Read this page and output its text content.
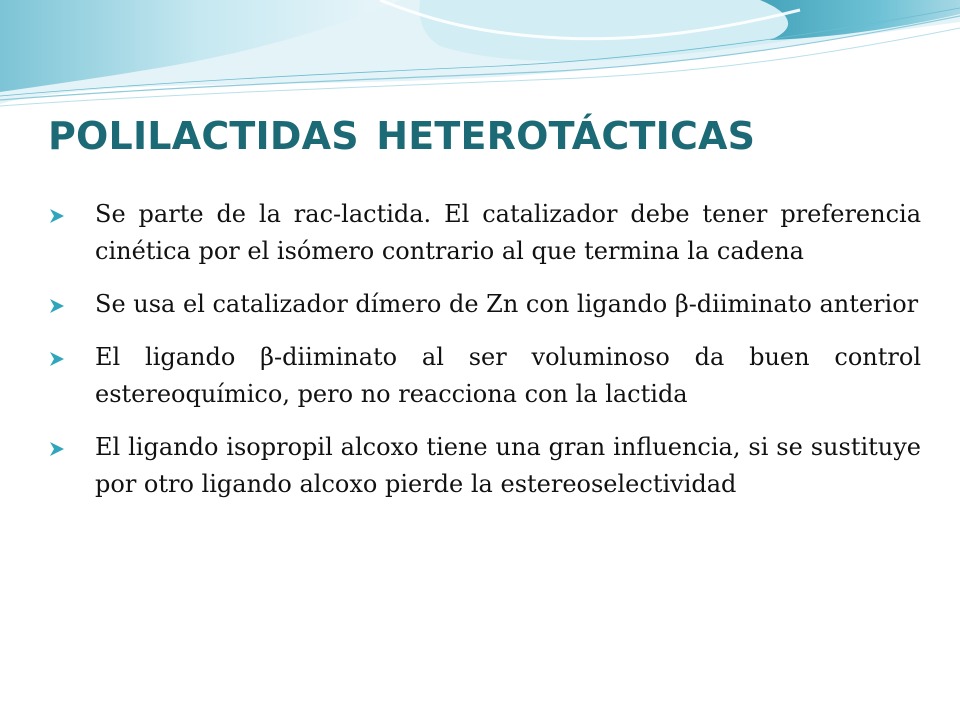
POLILACTIDAS HETEROTÁCTICAS
Se parte de la rac-lactida. El catalizador debe tener preferencia cinética por el isómero contrario al que termina la cadena
Se usa el catalizador dímero de Zn con ligando β-diiminato anterior
El ligando β-diiminato al ser voluminoso da buen control estereoquímico, pero no reacciona con la lactida
El ligando isopropil alcoxo tiene una gran influencia, si se sustituye por otro ligando alcoxo pierde la estereoselectividad
